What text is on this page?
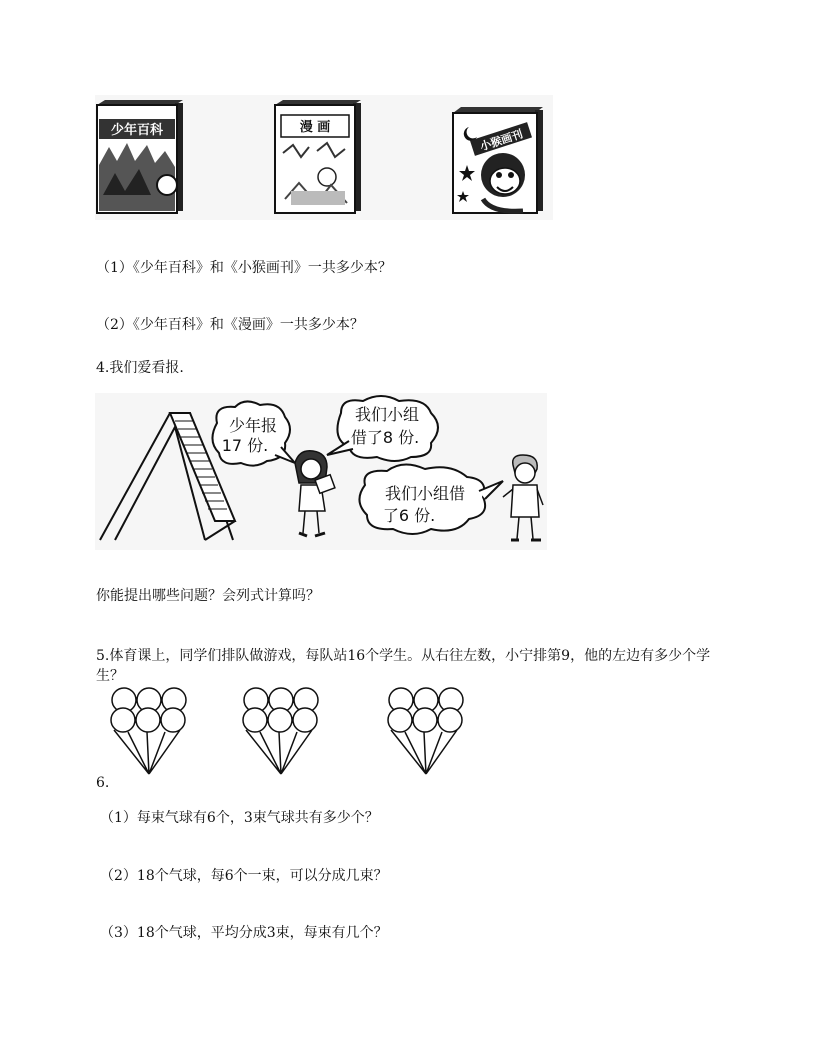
少年百科	漫 画	小猴画刊
（1）《少年百科》和《小猴画刊》一共多少本？
（2）《少年百科》和《漫画》一共多少本？
4.我们爱看报.
少年报
17 份.
我们小组
借了8 份.
我们小组借
了6 份.
你能提出哪些问题？会列式计算吗？
5.体育课上，同学们排队做游戏，每队站16个学生。从右往左数，小宁排第9，他的左边有多少个学生？
6.
（1）每束气球有6个，3束气球共有多少个？
（2）18个气球，每6个一束，可以分成几束？
（3）18个气球，平均分成3束，每束有几个？
